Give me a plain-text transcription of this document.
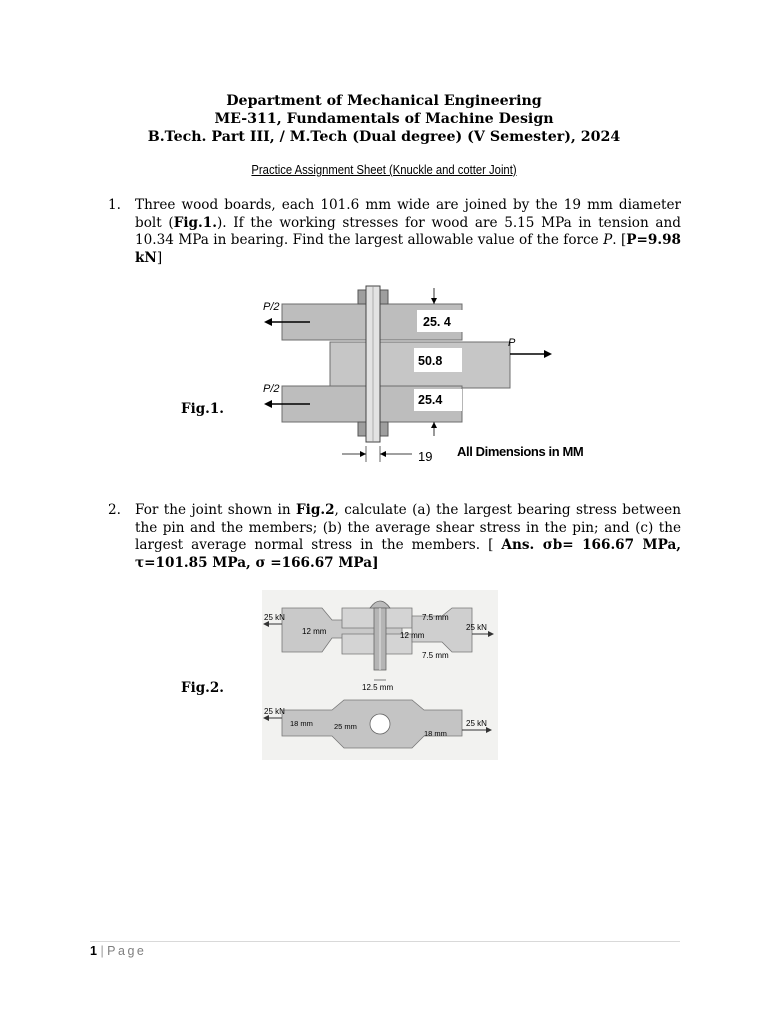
Department of Mechanical Engineering
ME-311, Fundamentals of Machine Design
B.Tech. Part III, / M.Tech (Dual degree) (V Semester), 2024
Practice Assignment Sheet (Knuckle and cotter Joint)
1. Three wood boards, each 101.6 mm wide are joined by the 19 mm diameter bolt (Fig.1.). If the working stresses for wood are 5.15 MPa in tension and 10.34 MPa in bearing. Find the largest allowable value of the force P. [P=9.98 kN]
Fig.1.
P/2
P/2
P
25. 4
50.8
25.4
19 All Dimensions in MM
2. For the joint shown in Fig.2, calculate (a) the largest bearing stress between the pin and the members; (b) the average shear stress in the pin; and (c) the largest average normal stress in the members. [ Ans. σb= 166.67 MPa, τ=101.85 MPa, σ =166.67 MPa]
Fig.2.
25 kN
25 kN
12 mm	12 mm
7.5 mm
7.5 mm
12.5 mm
25 kN
25 kN
18 mm	25 mm
18 mm
1 | Page
